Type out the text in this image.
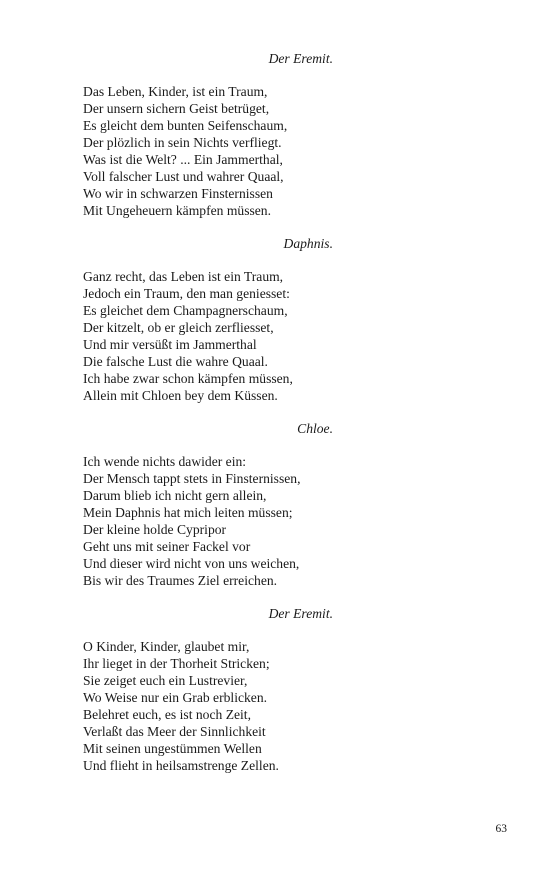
Der Eremit.
Das Leben, Kinder, ist ein Traum,
Der unsern sichern Geist betrüget,
Es gleicht dem bunten Seifenschaum,
Der plözlich in sein Nichts verfliegt.
Was ist die Welt? ... Ein Jammerthal,
Voll falscher Lust und wahrer Quaal,
Wo wir in schwarzen Finsternissen
Mit Ungeheuern kämpfen müssen.
Daphnis.
Ganz recht, das Leben ist ein Traum,
Jedoch ein Traum, den man geniesset:
Es gleichet dem Champagnerschaum,
Der kitzelt, ob er gleich zerfliesset,
Und mir versüßt im Jammerthal
Die falsche Lust die wahre Quaal.
Ich habe zwar schon kämpfen müssen,
Allein mit Chloen bey dem Küssen.
Chloe.
Ich wende nichts dawider ein:
Der Mensch tappt stets in Finsternissen,
Darum blieb ich nicht gern allein,
Mein Daphnis hat mich leiten müssen;
Der kleine holde Cypripor
Geht uns mit seiner Fackel vor
Und dieser wird nicht von uns weichen,
Bis wir des Traumes Ziel erreichen.
Der Eremit.
O Kinder, Kinder, glaubet mir,
Ihr lieget in der Thorheit Stricken;
Sie zeiget euch ein Lustrevier,
Wo Weise nur ein Grab erblicken.
Belehret euch, es ist noch Zeit,
Verlaßt das Meer der Sinnlichkeit
Mit seinen ungestümmen Wellen
Und flieht in heilsamstrenge Zellen.
63
